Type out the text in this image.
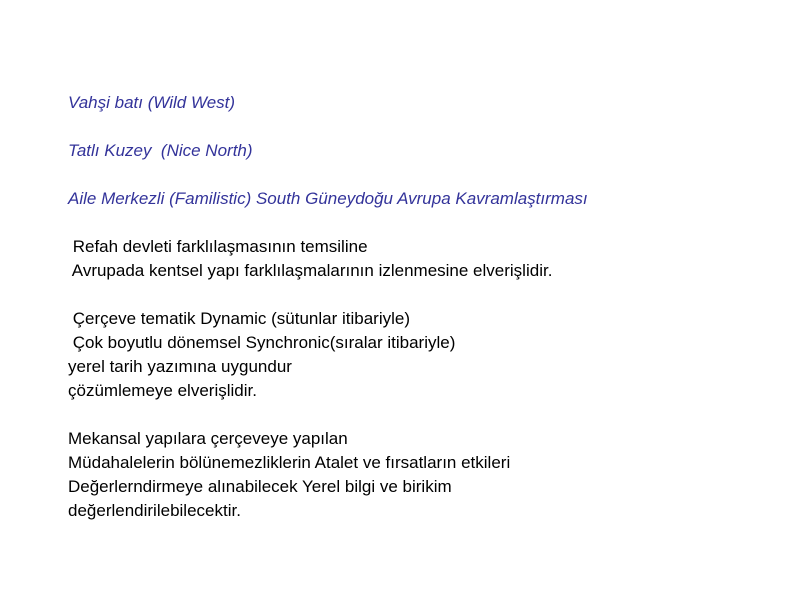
Vahşi batı (Wild West)
Tatlı Kuzey  (Nice North)
Aile Merkezli (Familistic) South Güneydoğu Avrupa Kavramlaştırması
Refah devleti farklılaşmasının temsiline
Avrupada kentsel yapı farklılaşmalarının izlenmesine elverişlidir.
Çerçeve tematik Dynamic (sütunlar itibariyle)
Çok boyutlu dönemsel Synchronic(sıralar itibariyle)
yerel tarih yazımına uygundur
çözümlemeye elverişlidir.
Mekansal yapılara çerçeveye yapılan
Müdahalelerin bölünemezliklerin Atalet ve fırsatların etkileri
Değerlerndirmeye alınabilecek Yerel bilgi ve birikim
değerlendirilebilecektir.
